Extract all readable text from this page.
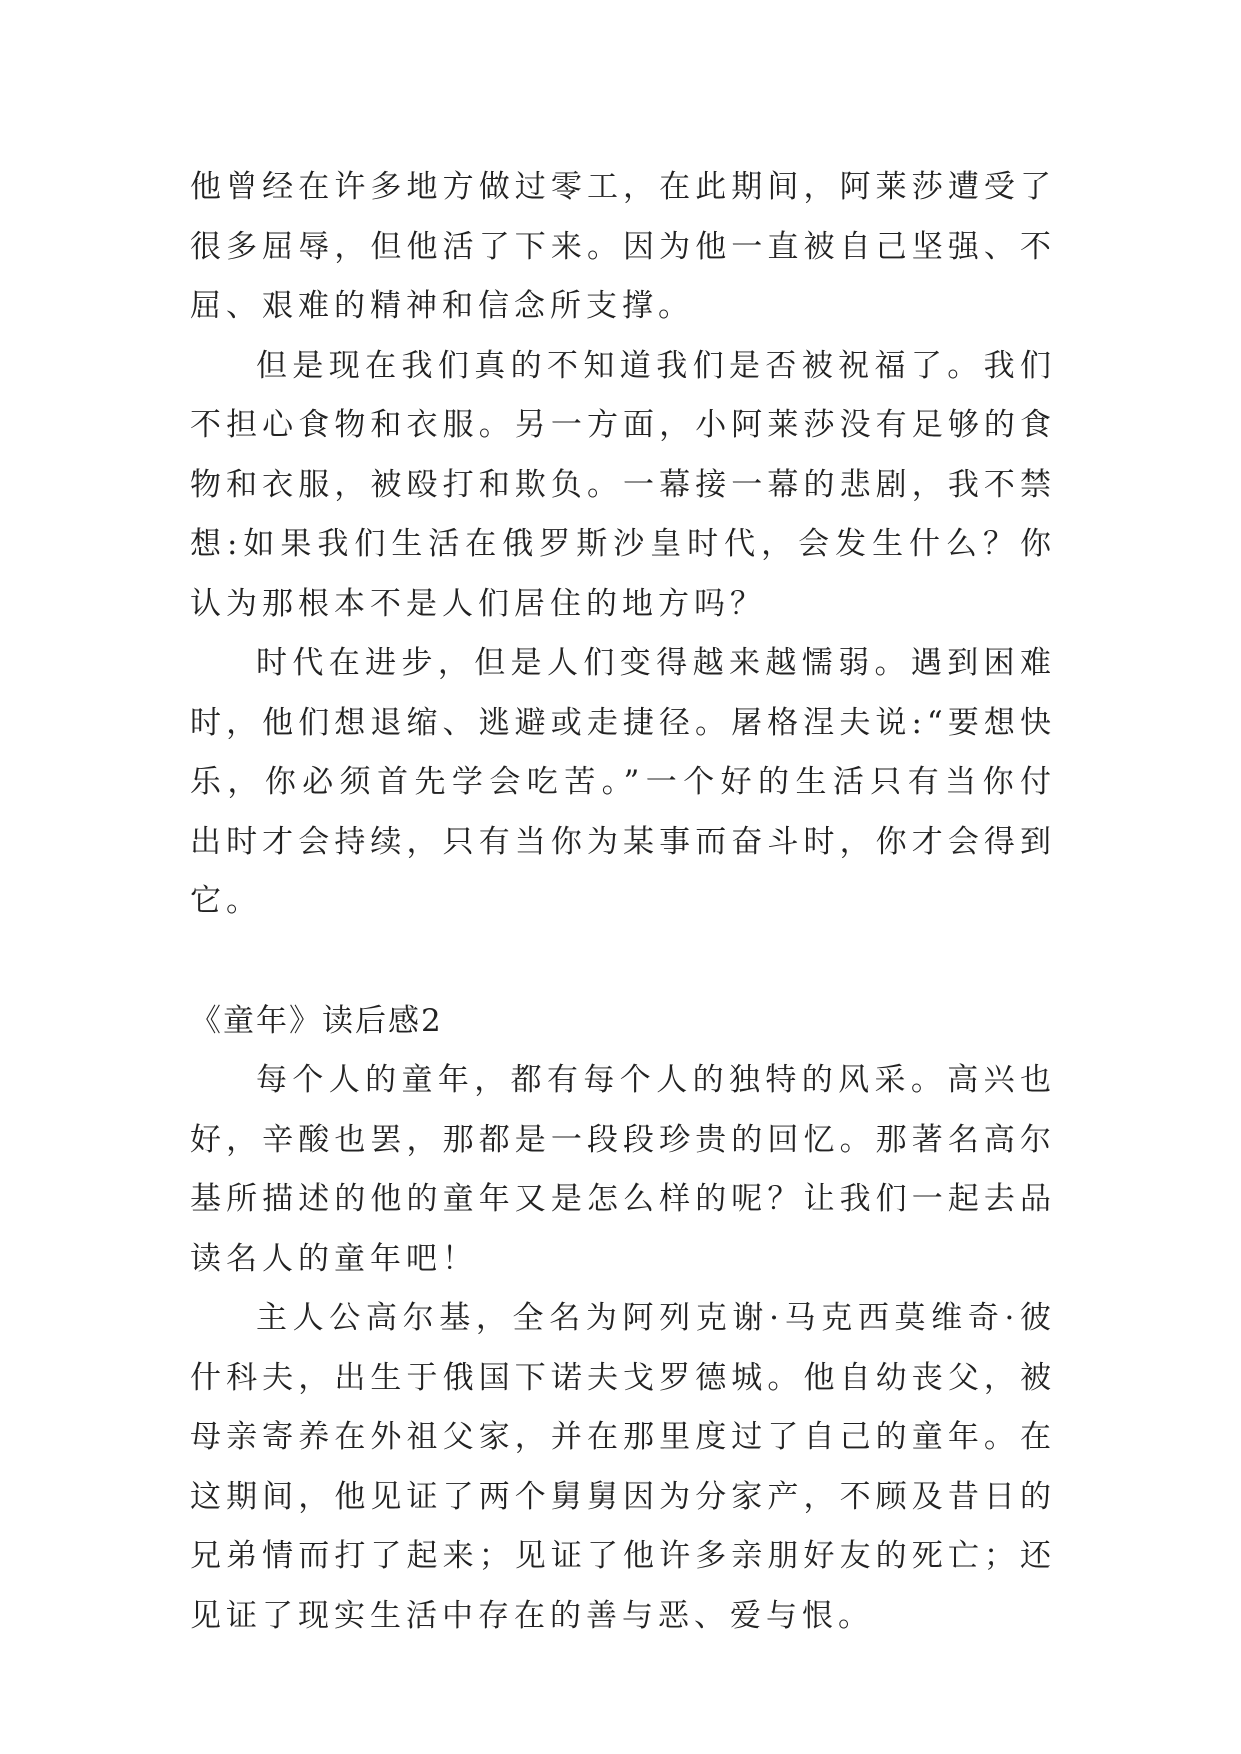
他曾经在许多地方做过零工，在此期间，阿莱莎遭受了很多屈辱，但他活了下来。因为他一直被自己坚强、不屈、艰难的精神和信念所支撑。

但是现在我们真的不知道我们是否被祝福了。我们不担心食物和衣服。另一方面，小阿莱莎没有足够的食物和衣服，被殴打和欺负。一幕接一幕的悲剧，我不禁想:如果我们生活在俄罗斯沙皇时代，会发生什么？你认为那根本不是人们居住的地方吗？

时代在进步，但是人们变得越来越懦弱。遇到困难时，他们想退缩、逃避或走捷径。屠格涅夫说:“要想快乐，你必须首先学会吃苦。”一个好的生活只有当你付出时才会持续，只有当你为某事而奋斗时，你才会得到它。

《童年》读后感2

每个人的童年，都有每个人的独特的风采。高兴也好，辛酸也罢，那都是一段段珍贵的回忆。那著名高尔基所描述的他的童年又是怎么样的呢？让我们一起去品读名人的童年吧！

主人公高尔基，全名为阿列克谢·马克西莫维奇·彼什科夫，出生于俄国下诺夫戈罗德城。他自幼丧父，被母亲寄养在外祖父家，并在那里度过了自己的童年。在这期间，他见证了两个舅舅因为分家产，不顾及昔日的兄弟情而打了起来；见证了他许多亲朋好友的死亡；还见证了现实生活中存在的善与恶、爱与恨。
